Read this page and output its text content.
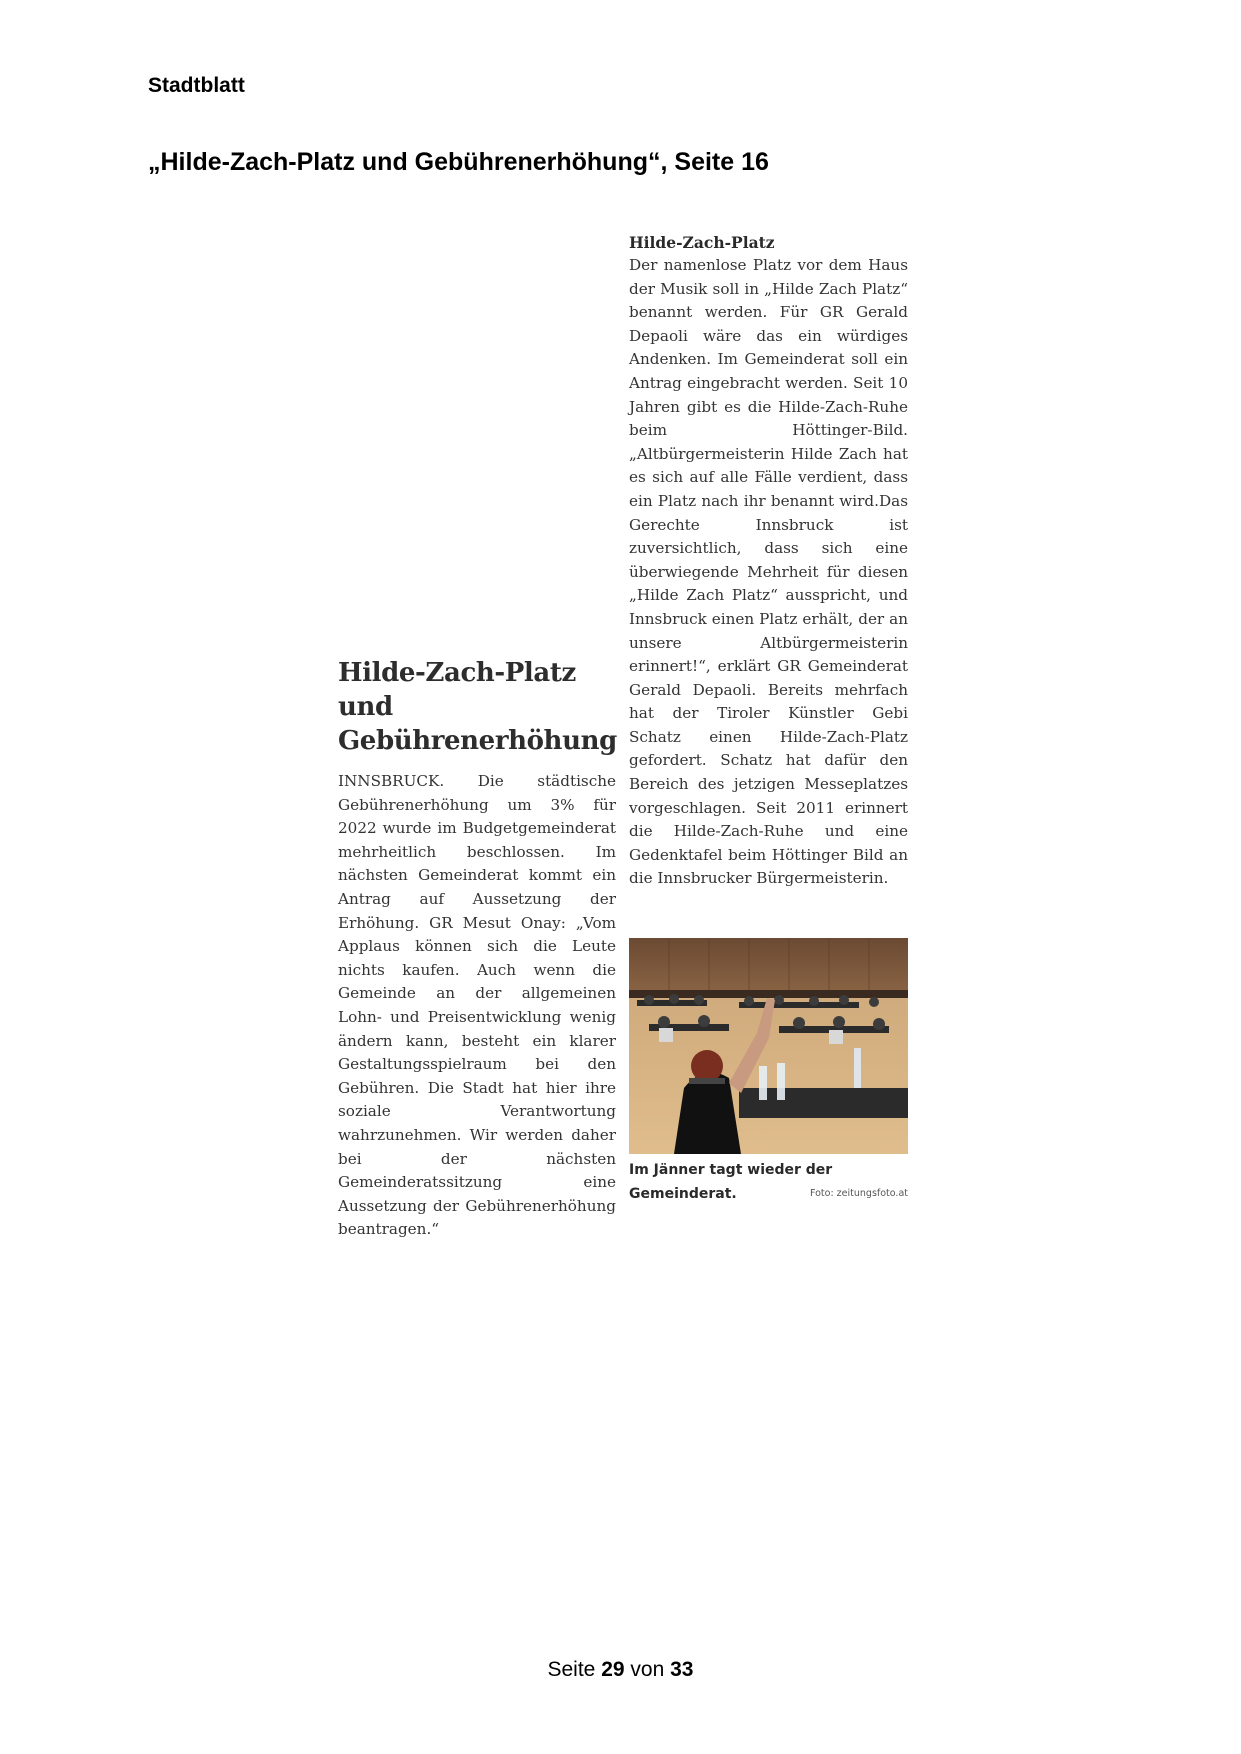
Stadtblatt
„Hilde-Zach-Platz und Gebührenerhöhung“, Seite 16

Hilde-Zach-Platz

Der namenlose Platz vor dem Haus der Musik soll in „Hilde Zach Platz“ benannt werden. Für GR Gerald Depaoli wäre das ein würdiges Andenken. Im Gemeinderat soll ein Antrag eingebracht werden. Seit 10 Jahren gibt es die Hilde-Zach-Ruhe beim Höttinger-Bild. „Altbürgermeisterin Hilde Zach hat es sich auf alle Fälle verdient, dass ein Platz nach ihr benannt wird.Das Gerechte Innsbruck ist zuversichtlich, dass sich eine überwiegende Mehrheit für diesen „Hilde Zach Platz“ ausspricht, und Innsbruck einen Platz erhält, der an unsere Altbürgermeisterin erinnert!“, erklärt GR Gemeinderat Gerald Depaoli. Bereits mehrfach hat der Tiroler Künstler Gebi Schatz einen Hilde-Zach-Platz gefordert. Schatz hat dafür den Bereich des jetzigen Messeplatzes vorgeschlagen. Seit 2011 erinnert die Hilde-Zach-Ruhe und eine Gedenktafel beim Höttinger Bild an die Innsbrucker Bürgermeisterin.

Hilde-Zach-Platz und
Gebührenerhöhung

INNSBRUCK. Die städtische Gebührenerhöhung um 3% für 2022 wurde im Budgetgemeinderat mehrheitlich beschlossen. Im nächsten Gemeinderat kommt ein Antrag auf Aussetzung der Erhöhung. GR Mesut Onay: „Vom Applaus können sich die Leute nichts kaufen. Auch wenn die Gemeinde an der allgemeinen Lohn- und Preisentwicklung wenig ändern kann, besteht ein klarer Gestaltungsspielraum bei den Gebühren. Die Stadt hat hier ihre soziale Verantwortung wahrzunehmen. Wir werden daher bei der nächsten Gemeinderatssitzung eine Aussetzung der Gebührenerhöhung beantragen.“

Im Jänner tagt wieder der Gemeinderat.	Foto: zeitungsfoto.at
Seite 29 von 33
